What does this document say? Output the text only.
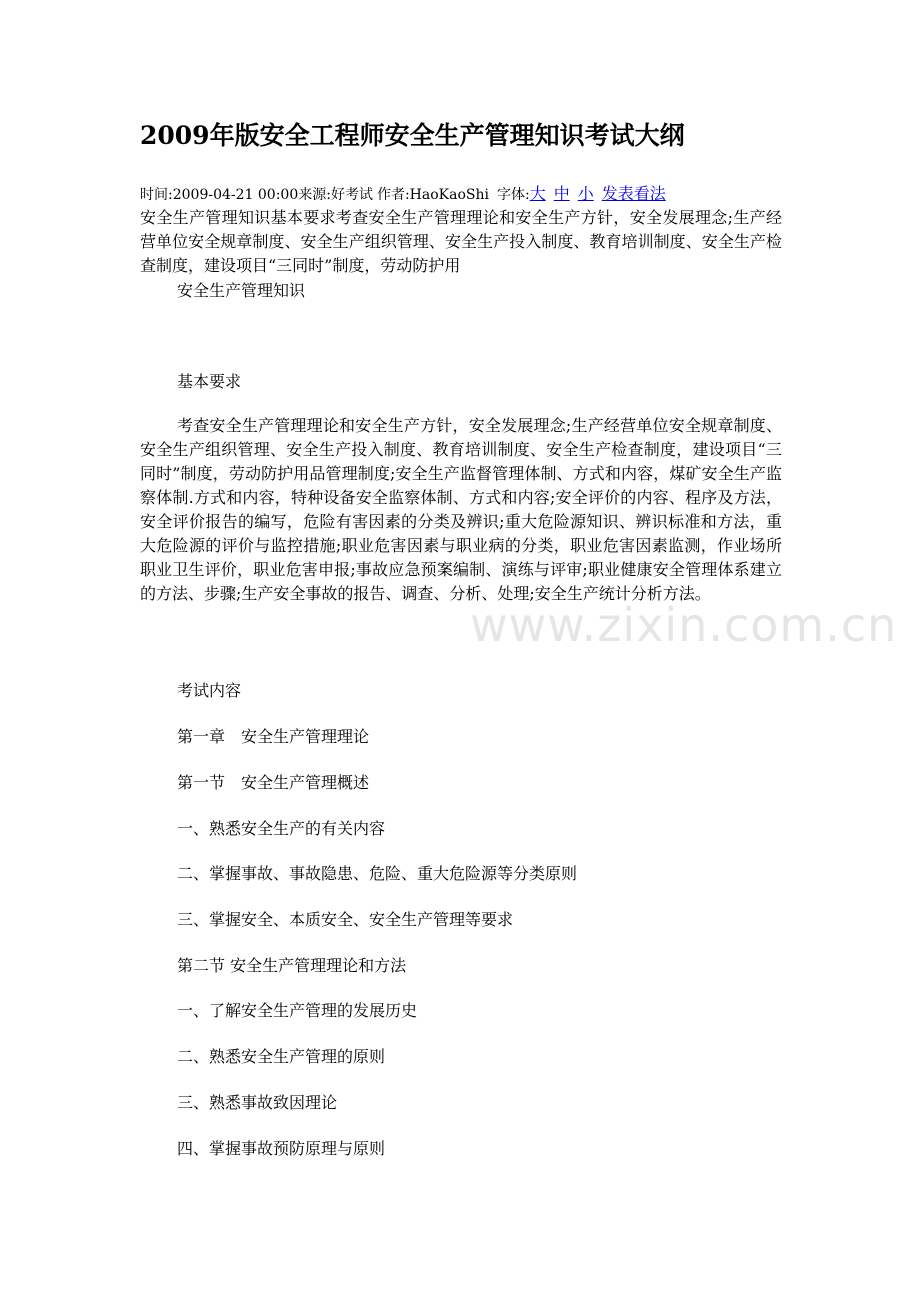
2009年版安全工程师安全生产管理知识考试大纲
时间:2009-04-21 00:00来源:好考试 作者:HaoKaoShi 字体:大 中 小 发表看法

安全生产管理知识基本要求考查安全生产管理理论和安全生产方针，安全发展理念;生产经营单位安全规章制度、安全生产组织管理、安全生产投入制度、教育培训制度、安全生产检查制度，建设项目“三同时”制度，劳动防护用

安全生产管理知识

基本要求

考查安全生产管理理论和安全生产方针，安全发展理念;生产经营单位安全规章制度、安全生产组织管理、安全生产投入制度、教育培训制度、安全生产检查制度，建设项目“三同时”制度，劳动防护用品管理制度;安全生产监督管理体制、方式和内容，煤矿安全生产监察体制.方式和内容，特种设备安全监察体制、方式和内容;安全评价的内容、程序及方法，安全评价报告的编写，危险有害因素的分类及辨识;重大危险源知识、辨识标准和方法，重大危险源的评价与监控措施;职业危害因素与职业病的分类，职业危害因素监测，作业场所职业卫生评价，职业危害申报;事故应急预案编制、演练与评审;职业健康安全管理体系建立的方法、步骤;生产安全事故的报告、调查、分析、处理;安全生产统计分析方法。

考试内容

第一章　安全生产管理理论

第一节　安全生产管理概述

一、熟悉安全生产的有关内容

二、掌握事故、事故隐患、危险、重大危险源等分类原则

三、掌握安全、本质安全、安全生产管理等要求

第二节 安全生产管理理论和方法

一、了解安全生产管理的发展历史

二、熟悉安全生产管理的原则

三、熟悉事故致因理论

四、掌握事故预防原理与原则

www.zixin.com.cn
